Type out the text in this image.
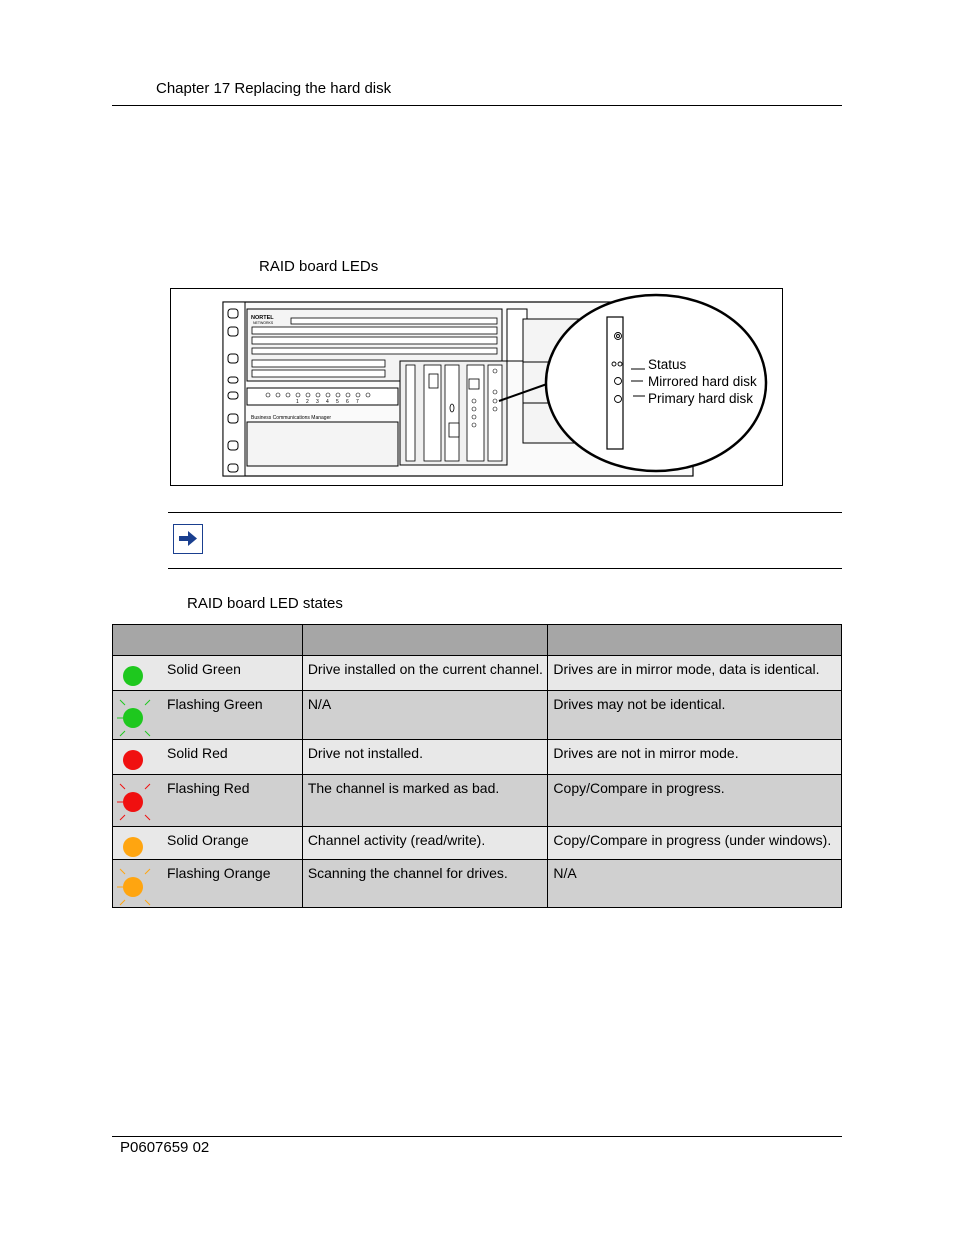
Chapter 17 Replacing the hard disk
RAID board LEDs
NORTEL
NETWORKS
1 2 3 4 5 6 7
Business Communications Manager
Status
Mirrored hard disk
Primary hard disk
RAID board LED states

Solid Green	Drive installed on the current channel.	Drives are in mirror mode, data is identical.

Flashing Green	N/A	Drives may not be identical.

Solid Red	Drive not installed.	Drives are not in mirror mode.

Flashing Red	The channel is marked as bad.	Copy/Compare in progress.

Solid Orange	Channel activity (read/write).	Copy/Compare in progress (under windows).

Flashing Orange	Scanning the channel for drives.	N/A
P0607659 02
